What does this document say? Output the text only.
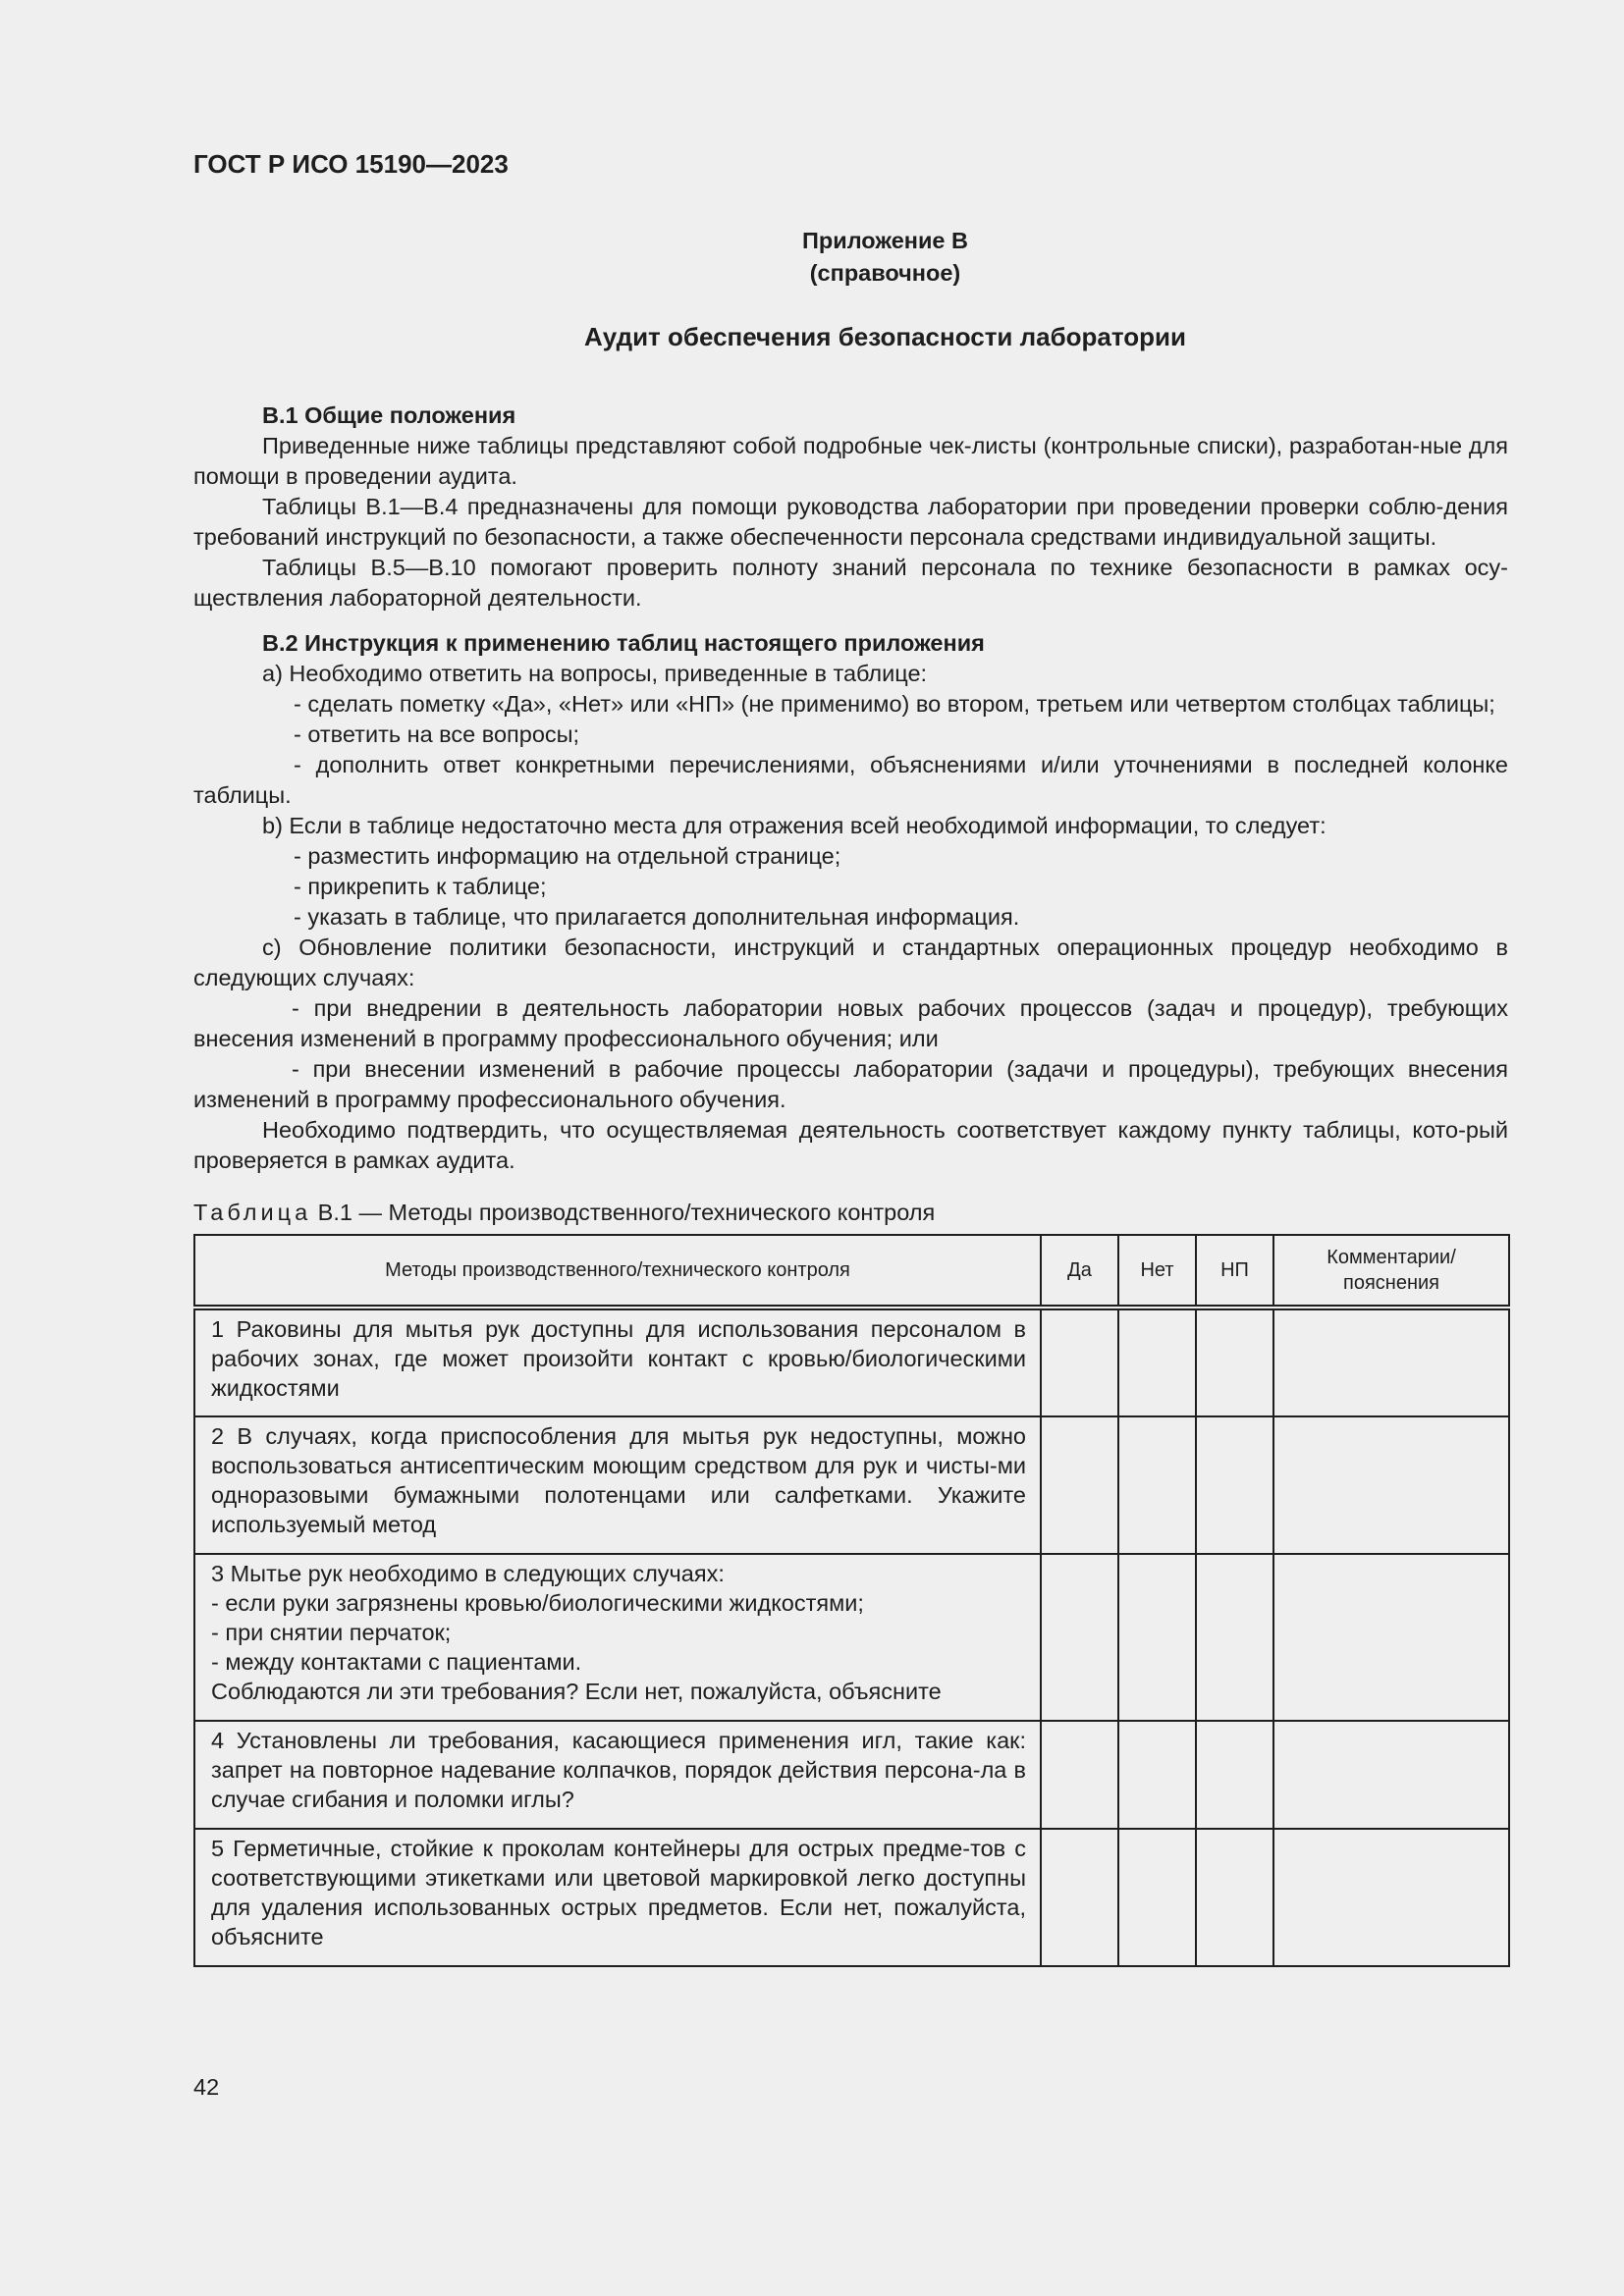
ГОСТ Р ИСО 15190—2023

Приложение В

(справочное)

Аудит обеспечения безопасности лаборатории

В.1 Общие положения

Приведенные ниже таблицы представляют собой подробные чек-листы (контрольные списки), разработан-ные для помощи в проведении аудита.

Таблицы В.1—В.4 предназначены для помощи руководства лаборатории при проведении проверки соблю-дения требований инструкций по безопасности, а также обеспеченности персонала средствами индивидуальной защиты.

Таблицы В.5—В.10 помогают проверить полноту знаний персонала по технике безопасности в рамках осу-ществления лабораторной деятельности.

В.2 Инструкция к применению таблиц настоящего приложения

a) Необходимо ответить на вопросы, приведенные в таблице:

- сделать пометку «Да», «Нет» или «НП» (не применимо) во втором, третьем или четвертом столбцах таблицы;

- ответить на все вопросы;

- дополнить ответ конкретными перечислениями, объяснениями и/или уточнениями в последней колонке таблицы.

b) Если в таблице недостаточно места для отражения всей необходимой информации, то следует:

- разместить информацию на отдельной странице;

- прикрепить к таблице;

- указать в таблице, что прилагается дополнительная информация.

c) Обновление политики безопасности, инструкций и стандартных операционных процедур необходимо в следующих случаях:

- при внедрении в деятельность лаборатории новых рабочих процессов (задач и процедур), требующих внесения изменений в программу профессионального обучения; или

- при внесении изменений в рабочие процессы лаборатории (задачи и процедуры), требующих внесения изменений в программу профессионального обучения.

Необходимо подтвердить, что осуществляемая деятельность соответствует каждому пункту таблицы, кото-рый проверяется в рамках аудита.

Таблица В.1 — Методы производственного/технического контроля

Методы производственного/технического контроля	Да	Нет	НП	Комментарии/ пояснения
1 Раковины для мытья рук доступны для использования персоналом в рабочих зонах, где может произойти контакт с кровью/биологическими жидкостями				
2 В случаях, когда приспособления для мытья рук недоступны, можно воспользоваться антисептическим моющим средством для рук и чисты-ми одноразовыми бумажными полотенцами или салфетками. Укажите используемый метод				

3 Мытье рук необходимо в следующих случаях:
- если руки загрязнены кровью/биологическими жидкостями;
- при снятии перчаток;
- между контактами с пациентами.
Соблюдаются ли эти требования? Если нет, пожалуйста, объясните				

4 Установлены ли требования, касающиеся применения игл, такие как: запрет на повторное надевание колпачков, порядок действия персона-ла в случае сгибания и поломки иглы?				
5 Герметичные, стойкие к проколам контейнеры для острых предме-тов с соответствующими этикетками или цветовой маркировкой легко доступны для удаления использованных острых предметов. Если нет, пожалуйста, объясните				
42
